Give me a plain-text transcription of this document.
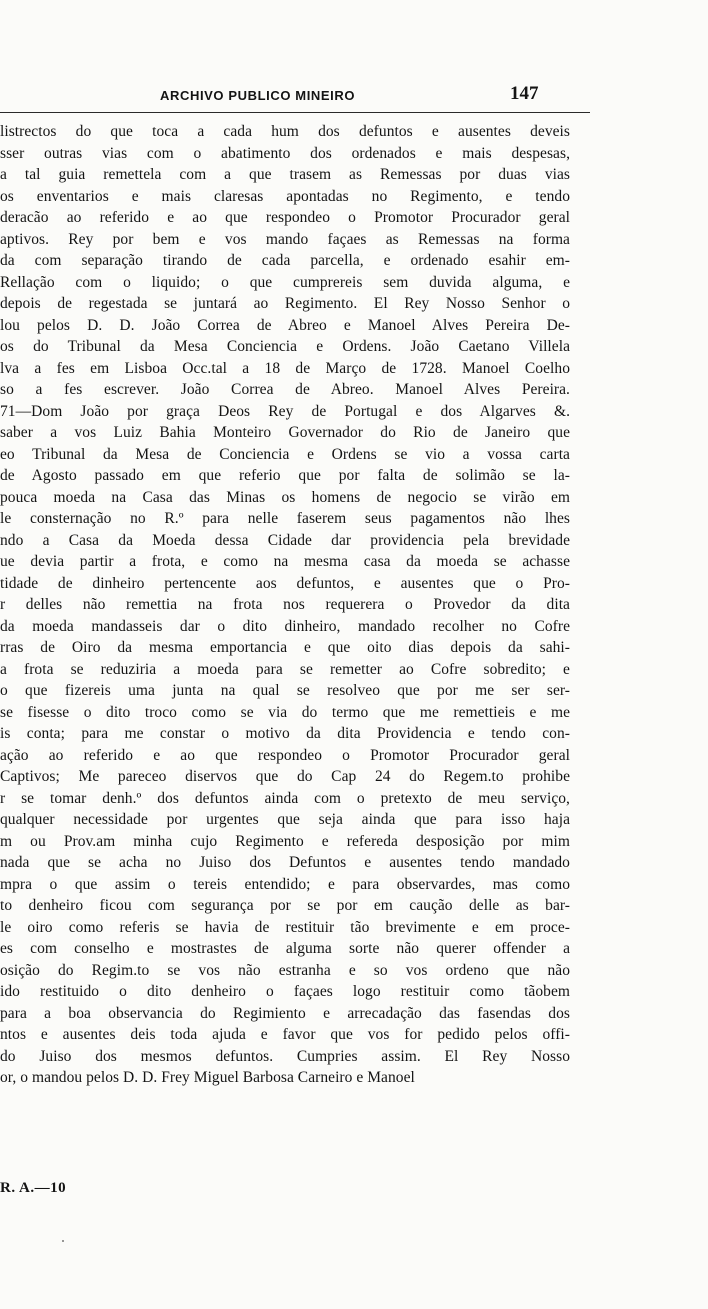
ARCHIVO PUBLICO MINEIRO	147
listrectos do que toca a cada hum dos defuntos e ausentes deveis
sser outras vias com o abatimento dos ordenados e mais despesas,
a tal guia remettela com a que trasem as Remessas por duas vias
os enventarios e mais claresas apontadas no Regimento, e tendo
deracão ao referido e ao que respondeo o Promotor Procurador geral
aptivos. Rey por bem e vos mando façaes as Remessas na forma
da com separação tirando de cada parcella, e ordenado esahir em-
Rellação com o liquido; o que cumprereis sem duvida alguma, e
depois de regestada se juntará ao Regimento. El Rey Nosso Senhor o
lou pelos D. D. João Correa de Abreo e Manoel Alves Pereira De-
os do Tribunal da Mesa Conciencia e Ordens. João Caetano Villela
lva a fes em Lisboa Occ.tal a 18 de Março de 1728. Manoel Coelho
so a fes escrever. João Correa de Abreo. Manoel Alves Pereira.
71—Dom João por graça Deos Rey de Portugal e dos Algarves &.
saber a vos Luiz Bahia Monteiro Governador do Rio de Janeiro que
eo Tribunal da Mesa de Conciencia e Ordens se vio a vossa carta
de Agosto passado em que referio que por falta de solimão se la-
pouca moeda na Casa das Minas os homens de negocio se virão em
le consternação no R.º para nelle faserem seus pagamentos não lhes
ndo a Casa da Moeda dessa Cidade dar providencia pela brevidade
ue devia partir a frota, e como na mesma casa da moeda se achasse
tidade de dinheiro pertencente aos defuntos, e ausentes que o Pro-
r delles não remettia na frota nos requerera o Provedor da dita
da moeda mandasseis dar o dito dinheiro, mandado recolher no Cofre
rras de Oiro da mesma emportancia e que oito dias depois da sahi-
a frota se reduziria a moeda para se remetter ao Cofre sobredito; e
o que fizereis uma junta na qual se resolveo que por me ser ser-
se fisesse o dito troco como se via do termo que me remettieis e me
is conta; para me constar o motivo da dita Providencia e tendo con-
ação ao referido e ao que respondeo o Promotor Procurador geral
Captivos; Me pareceo diservos que do Cap 24 do Regem.to prohibe
r se tomar denh.º dos defuntos ainda com o pretexto de meu serviço,
qualquer necessidade por urgentes que seja ainda que para isso haja
m ou Prov.am minha cujo Regimento e refereda desposição por mim
nada que se acha no Juiso dos Defuntos e ausentes tendo mandado
mpra o que assim o tereis entendido; e para observardes, mas como
to denheiro ficou com segurança por se por em caução delle as bar-
le oiro como referis se havia de restituir tão brevimente e em proce-
es com conselho e mostrastes de alguma sorte não querer offender a
osição do Regim.to se vos não estranha e so vos ordeno que não
ido restituido o dito denheiro o façaes logo restituir como tãobem
para a boa observancia do Regimiento e arrecadação das fasendas dos
ntos e ausentes deis toda ajuda e favor que vos for pedido pelos offi-
do Juiso dos mesmos defuntos. Cumpries assim. El Rey Nosso
or, o mandou pelos D. D. Frey Miguel Barbosa Carneiro e Manoel
R. A.—10
